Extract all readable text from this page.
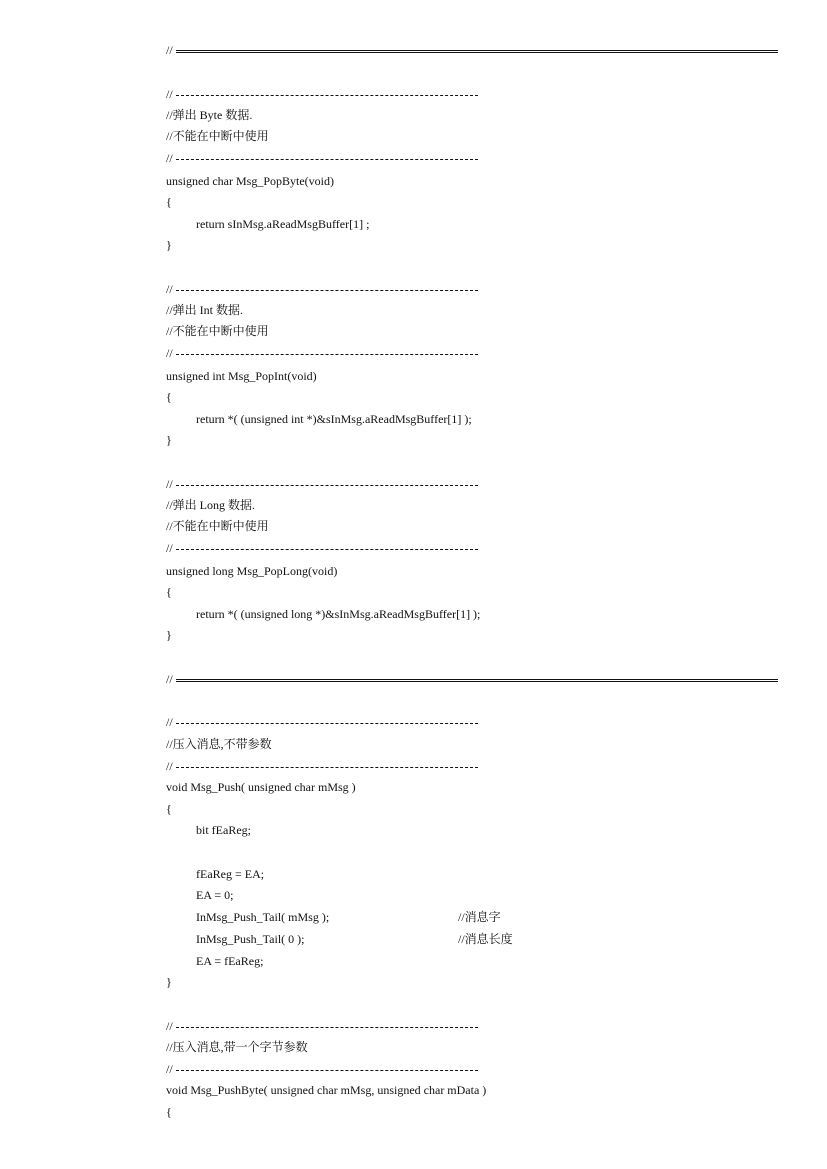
//
//
//弹出 Byte 数据.
//不能在中断中使用
//
unsigned char Msg_PopByte(void)
{
return sInMsg.aReadMsgBuffer[1] ;
}
//
//弹出 Int 数据.
//不能在中断中使用
//
unsigned int Msg_PopInt(void)
{
return *( (unsigned int *)&sInMsg.aReadMsgBuffer[1] );
}
//
//弹出 Long 数据.
//不能在中断中使用
//
unsigned long Msg_PopLong(void)
{
return *( (unsigned long *)&sInMsg.aReadMsgBuffer[1] );
}
//
//
//压入消息,不带参数
//
void Msg_Push( unsigned char mMsg )
{
bit fEaReg;
fEaReg = EA;
EA = 0;
InMsg_Push_Tail( mMsg );	//消息字
InMsg_Push_Tail( 0 );	//消息长度
EA = fEaReg;
}
//
//压入消息,带一个字节参数
//
void Msg_PushByte( unsigned char mMsg, unsigned char mData )
{
